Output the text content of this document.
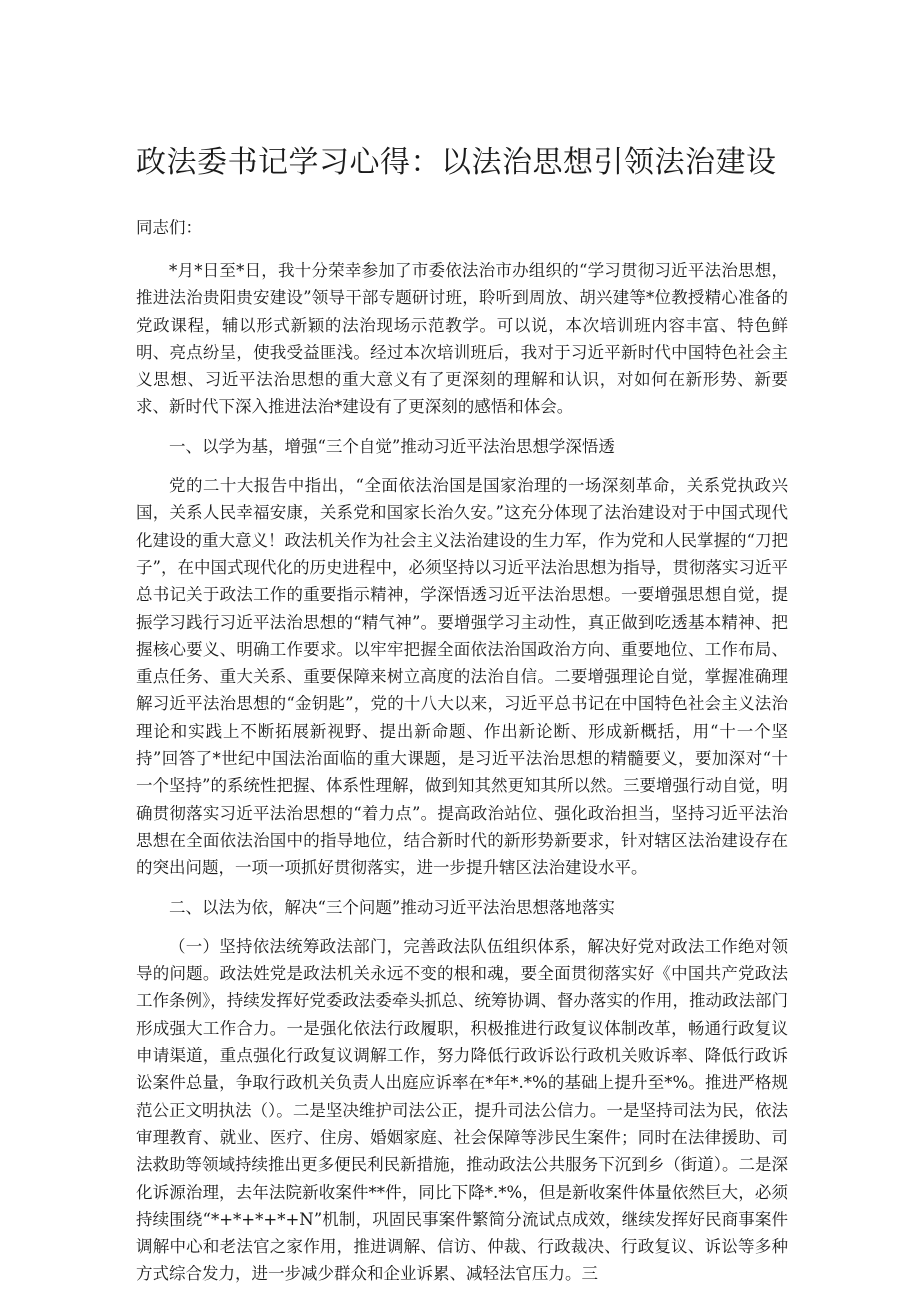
政法委书记学习心得：以法治思想引领法治建设

同志们：

*月*日至*日，我十分荣幸参加了市委依法治市办组织的“学习贯彻习近平法治思想，推进法治贵阳贵安建设”领导干部专题研讨班，聆听到周放、胡兴建等*位教授精心准备的党政课程，辅以形式新颖的法治现场示范教学。可以说，本次培训班内容丰富、特色鲜明、亮点纷呈，使我受益匪浅。经过本次培训班后，我对于习近平新时代中国特色社会主义思想、习近平法治思想的重大意义有了更深刻的理解和认识，对如何在新形势、新要求、新时代下深入推进法治*建设有了更深刻的感悟和体会。

一、以学为基，增强“三个自觉”推动习近平法治思想学深悟透

党的二十大报告中指出，“全面依法治国是国家治理的一场深刻革命，关系党执政兴国，关系人民幸福安康，关系党和国家长治久安。”这充分体现了法治建设对于中国式现代化建设的重大意义！政法机关作为社会主义法治建设的生力军，作为党和人民掌握的“刀把子”，在中国式现代化的历史进程中，必须坚持以习近平法治思想为指导，贯彻落实习近平总书记关于政法工作的重要指示精神，学深悟透习近平法治思想。一要增强思想自觉，提振学习践行习近平法治思想的“精气神”。要增强学习主动性，真正做到吃透基本精神、把握核心要义、明确工作要求。以牢牢把握全面依法治国政治方向、重要地位、工作布局、重点任务、重大关系、重要保障来树立高度的法治自信。二要增强理论自觉，掌握准确理解习近平法治思想的“金钥匙”，党的十八大以来，习近平总书记在中国特色社会主义法治理论和实践上不断拓展新视野、提出新命题、作出新论断、形成新概括，用“十一个坚持”回答了*世纪中国法治面临的重大课题，是习近平法治思想的精髓要义，要加深对“十一个坚持”的系统性把握、体系性理解，做到知其然更知其所以然。三要增强行动自觉，明确贯彻落实习近平法治思想的“着力点”。提高政治站位、强化政治担当，坚持习近平法治思想在全面依法治国中的指导地位，结合新时代的新形势新要求，针对辖区法治建设存在的突出问题，一项一项抓好贯彻落实，进一步提升辖区法治建设水平。

二、以法为依，解决“三个问题”推动习近平法治思想落地落实

（一）坚持依法统筹政法部门，完善政法队伍组织体系，解决好党对政法工作绝对领导的问题。政法姓党是政法机关永远不变的根和魂，要全面贯彻落实好《中国共产党政法工作条例》，持续发挥好党委政法委牵头抓总、统筹协调、督办落实的作用，推动政法部门形成强大工作合力。一是强化依法行政履职，积极推进行政复议体制改革，畅通行政复议申请渠道，重点强化行政复议调解工作，努力降低行政诉讼行政机关败诉率、降低行政诉讼案件总量，争取行政机关负责人出庭应诉率在*年*.*%的基础上提升至*%。推进严格规范公正文明执法（）。二是坚决维护司法公正，提升司法公信力。一是坚持司法为民，依法审理教育、就业、医疗、住房、婚姻家庭、社会保障等涉民生案件；同时在法律援助、司法救助等领域持续推出更多便民利民新措施，推动政法公共服务下沉到乡（街道）。二是深化诉源治理，去年法院新收案件**件，同比下降*.*%，但是新收案件体量依然巨大，必须持续围绕“*+*+*+*+N”机制，巩固民事案件繁简分流试点成效，继续发挥好民商事案件调解中心和老法官之家作用，推进调解、信访、仲裁、行政裁决、行政复议、诉讼等多种方式综合发力，进一步减少群众和企业诉累、减轻法官压力。三
